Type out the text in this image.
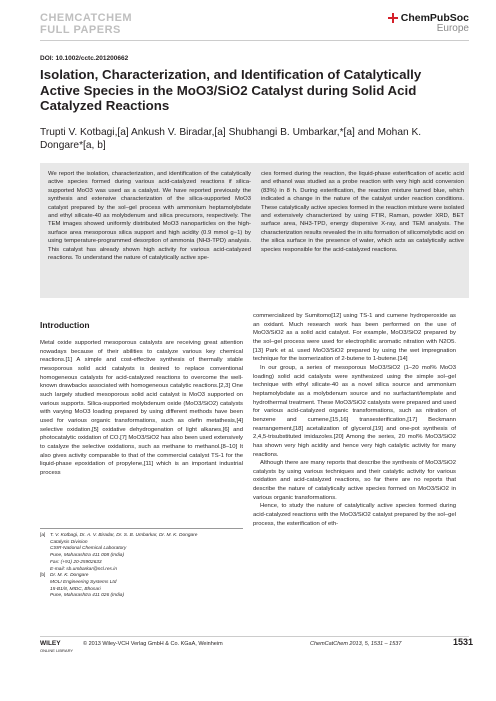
CHEMCATCHEM
FULL PAPERS
ChemPubSoc
Europe
DOI: 10.1002/cctc.201200662
Isolation, Characterization, and Identification of Catalytically Active Species in the MoO3/SiO2 Catalyst during Solid Acid Catalyzed Reactions
Trupti V. Kotbagi,[a] Ankush V. Biradar,[a] Shubhangi B. Umbarkar,*[a] and Mohan K. Dongare*[a, b]
We report the isolation, characterization, and identification of the catalytically active species formed during various acid-catalyzed reactions if silica-supported MoO3 was used as a catalyst. We have reported previously the synthesis and extensive characterization of the silica-supported MoO3 catalyst prepared by the sol–gel process with ammonium heptamolybdate and ethyl silicate-40 as molybdenum and silica precursors, respectively. The TEM images showed uniformly distributed MoO3 nanoparticles on the high-surface area mesoporous silica support and high acidity (0.9 mmol g−1) by using temperature-programmed desorption of ammonia (NH3-TPD) analysis. This catalyst has already shown high activity for various acid-catalyzed reactions. To understand the nature of catalytically active spe-
cies formed during the reaction, the liquid-phase esterification of acetic acid and ethanol was studied as a probe reaction with very high acid conversion (83%) in 8 h. During esterification, the reaction mixture turned blue, which indicated a change in the nature of the catalyst under reaction conditions. These catalytically active species formed in the reaction mixture were isolated and extensively characterized by using FTIR, Raman, powder XRD, BET surface area, NH3-TPD, energy dispersive X-ray, and TEM analysis. The characterization results revealed the in situ formation of silicomolybdic acid on the silica surface in the presence of water, which acts as catalytically active species responsible for the acid-catalyzed reactions.
Introduction

Metal oxide supported mesoporous catalysts are receiving great attention nowadays because of their abilities to catalyze various key chemical reactions.[1] A simple and cost-effective synthesis of thermally stable mesoporous solid acid catalysts is desired to replace conventional homogeneous catalysts for acid-catalyzed reactions to overcome the well-known drawbacks associated with homogeneous catalytic reactions.[2,3] One such largely studied mesoporous solid acid catalyst is MoO3 supported on various supports. Silica-supported molybdenum oxide (MoO3/SiO2) catalysts with varying MoO3 loading prepared by using different methods have been used for various organic transformations, such as olefin metathesis,[4] selective oxidation,[5] oxidative dehydrogenation of light alkanes,[6] and photocatalytic oxidation of CO.[7] MoO3/SiO2 has also been used extensively to catalyze the selective oxidations, such as methane to methanol.[8–10] It also gives activity comparable to that of the commercial catalyst TS-1 for the liquid-phase epoxidation of propylene,[11] which is an important industrial process

commercialized by Sumitomo[12] using TS-1 and cumene hydroperoxide as an oxidant. Much research work has been performed on the use of MoO3/SiO2 as a solid acid catalyst. For example, MoO3/SiO2 prepared by the sol–gel process were used for electrophilic aromatic nitration with N2O5.[13] Park et al. used MoO3/SiO2 prepared by using the wet impregnation technique for the isomerization of 2-butene to 1-butene.[14]

In our group, a series of mesoporous MoO3/SiO2 (1–20 mol% MoO3 loading) solid acid catalysts were synthesized using the simple sol–gel technique with ethyl silicate-40 as a novel silica source and ammonium heptamolybdate as a molybdenum source and no surfactant/template and hydrothermal treatment. These MoO3/SiO2 catalysts were prepared and used for various acid-catalyzed organic transformations, such as nitration of benzene and cumene,[15,16] transesterification,[17] Beckmann rearrangement,[18] acetalization of glycerol,[19] and one-pot synthesis of 2,4,5-trisubstituted imidazoles.[20] Among the series, 20 mol% MoO3/SiO2 has shown very high acidity and hence very high catalytic activity for many reactions.

Although there are many reports that describe the synthesis of MoO3/SiO2 catalysts by using various techniques and their catalytic activity for various oxidation and acid-catalyzed reactions, so far there are no reports that describe the nature of catalytically active species formed on MoO3/SiO2 in various organic transformations.

Hence, to study the nature of catalytically active species formed during acid-catalyzed reactions with the MoO3/SiO2 catalyst prepared by the sol–gel process, the esterification of eth-

[a] T. V. Kotbagi, Dr. A. V. Biradar, Dr. S. B. Umbarkar, Dr. M. K. Dongare
Catalysis Division
CSIR-National Chemical Laboratory
Pune, Maharashtra 411 008 (India)
Fax: (+91) 20-25902633
E-mail: sb.umbarkar@ncl.res.in
[b] Dr. M. K. Dongare
MOLI Engineering Systems Ltd
15-B1/8, MIDC, Bhosari
Pune, Maharashtra 411 026 (India)
WILEY
ONLINE LIBRARY
© 2013 Wiley-VCH Verlag GmbH & Co. KGaA, Weinheim	ChemCatChem 2013, 5, 1531 – 1537	1531
